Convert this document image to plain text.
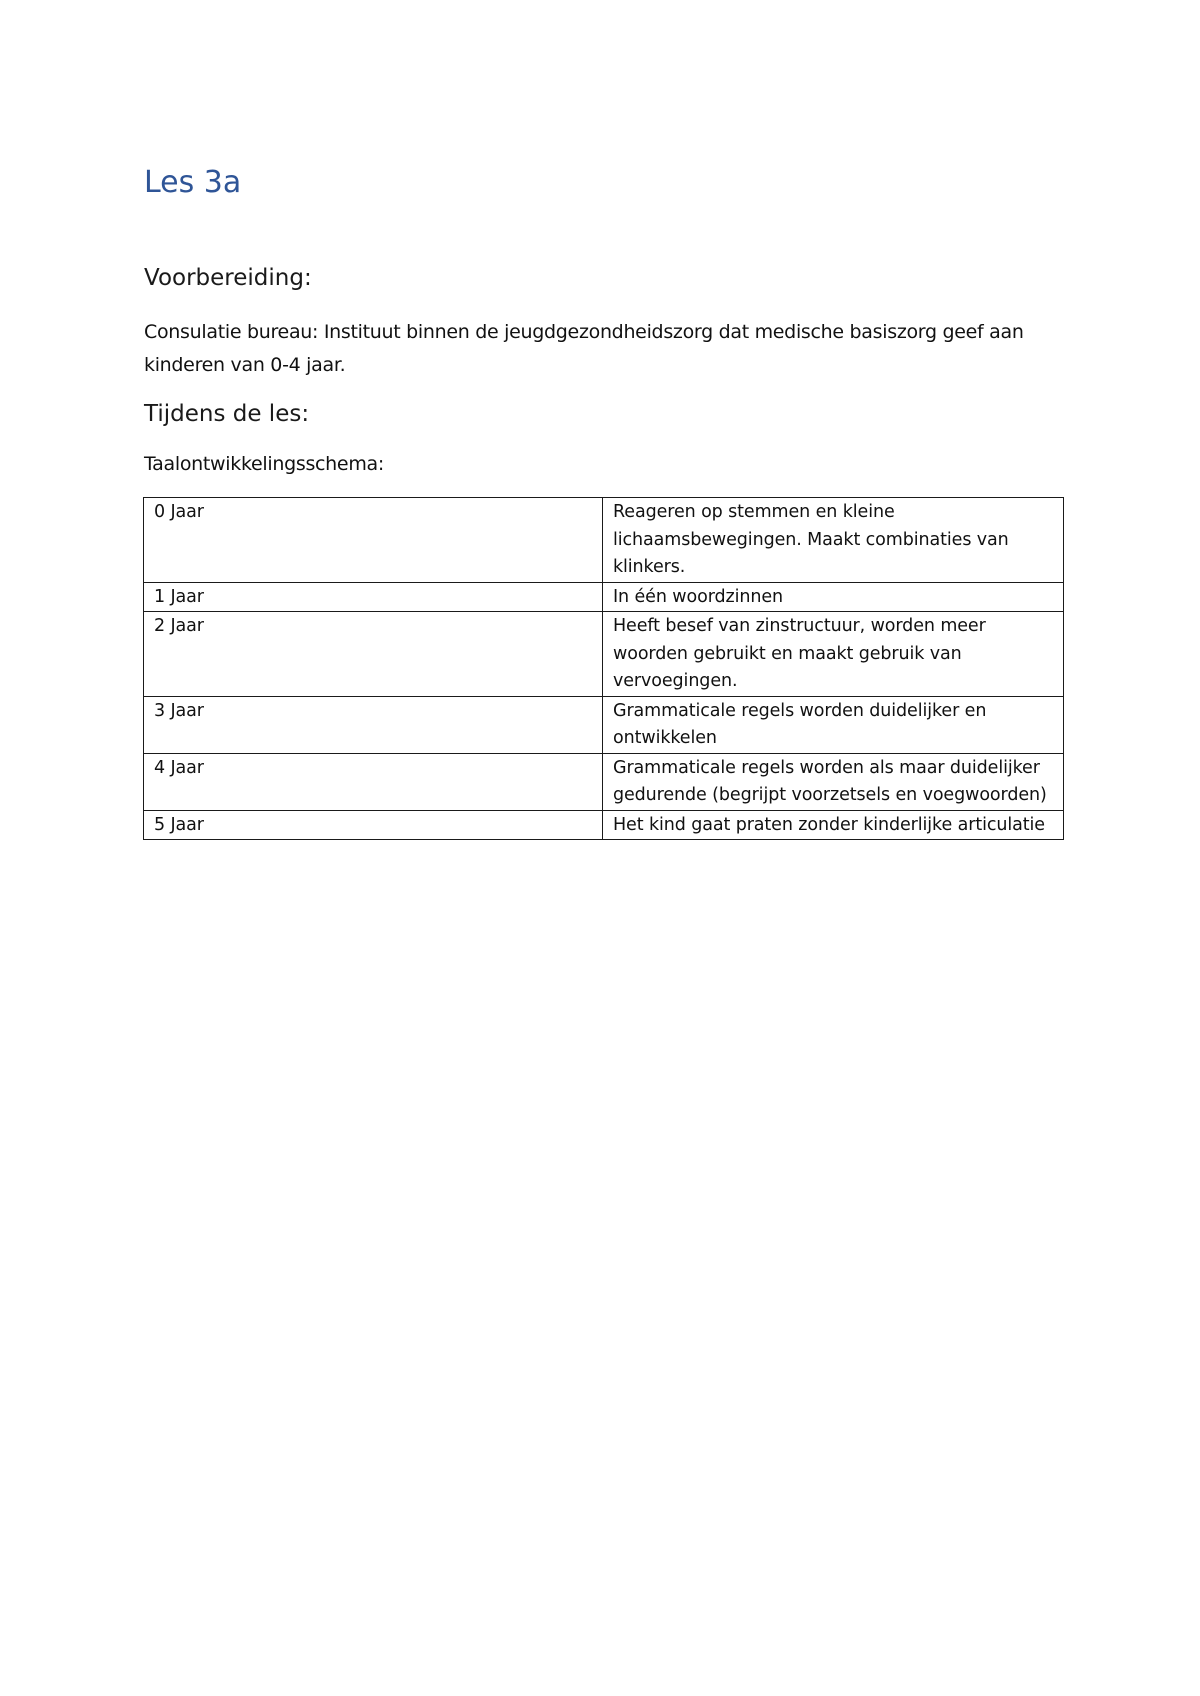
Les 3a
Voorbereiding:

Consulatie bureau: Instituut binnen de jeugdgezondheidszorg dat medische basiszorg geef aan kinderen van 0-4 jaar.

Tijdens de les:

Taalontwikkelingsschema:

0 Jaar	Reageren op stemmen en kleine lichaamsbewegingen. Maakt combinaties van klinkers.
1 Jaar	In één woordzinnen
2 Jaar	Heeft besef van zinstructuur, worden meer woorden gebruikt en maakt gebruik van vervoegingen.
3 Jaar	Grammaticale regels worden duidelijker en ontwikkelen
4 Jaar	Grammaticale regels worden als maar duidelijker gedurende (begrijpt voorzetsels en voegwoorden)
5 Jaar	Het kind gaat praten zonder kinderlijke articulatie
